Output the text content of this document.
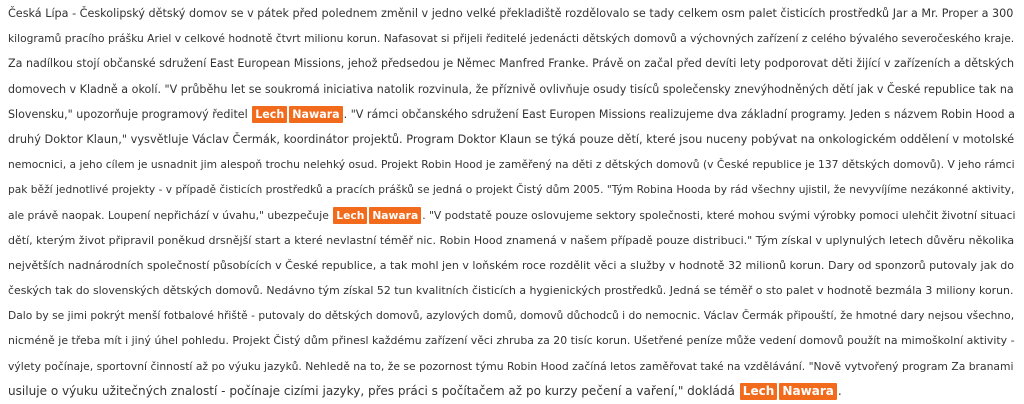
Česká Lípa - Českolipský dětský domov se v pátek před polednem změnil v jedno velké překladiště rozdělovalo se tady celkem osm palet čisticích prostředků Jar a Mr. Proper a 300
kilogramů pracího prášku Ariel v celkové hodnotě čtvrt milionu korun. Nafasovat si přijeli ředitelé jedenácti dětských domovů a výchovných zařízení z celého bývalého severočeského kraje.
Za nadílkou stojí občanské sdružení East European Missions, jehož předsedou je Němec Manfred Franke. Právě on začal před devíti lety podporovat děti žijící v zařízeních a dětských
domovech v Kladně a okolí. "V průběhu let se soukromá iniciativa natolik rozvinula, že příznivě ovlivňuje osudy tisíců společensky znevýhodněných dětí jak v České republice tak na
Slovensku," upozorňuje programový ředitel Lech Nawara . "V rámci občanského sdružení East Europen Missions realizujeme dva základní programy. Jeden s názvem Robin Hood a
druhý Doktor Klaun," vysvětluje Václav Čermák, koordinátor projektů. Program Doktor Klaun se týká pouze dětí, které jsou nuceny pobývat na onkologickém oddělení v motolské
nemocnici, a jeho cílem je usnadnit jim alespoň trochu nelehký osud. Projekt Robin Hood je zaměřený na děti z dětských domovů (v České republice je 137 dětských domovů). V jeho rámci
pak běží jednotlivé projekty - v případě čisticích prostředků a pracích prášků se jedná o projekt Čistý dům 2005. "Tým Robina Hooda by rád všechny ujistil, že nevyvíjíme nezákonné aktivity,
ale právě naopak. Loupení nepřichází v úvahu," ubezpečuje Lech Nawara . "V podstatě pouze oslovujeme sektory společnosti, které mohou svými výrobky pomoci ulehčit životní situaci
dětí, kterým život připravil poněkud drsnější start a které nevlastní téměř nic. Robin Hood znamená v našem případě pouze distribuci." Tým získal v uplynulých letech důvěru několika
největších nadnárodních společností působících v České republice, a tak mohl jen v loňském roce rozdělit věci a služby v hodnotě 32 milionů korun. Dary od sponzorů putovaly jak do
českých tak do slovenských dětských domovů. Nedávno tým získal 52 tun kvalitních čisticích a hygienických prostředků. Jedná se téměř o sto palet v hodnotě bezmála 3 miliony korun.
Dalo by se jimi pokrýt menší fotbalové hřiště - putovaly do dětských domovů, azylových domů, domovů důchodců i do nemocnic. Václav Čermák připouští, že hmotné dary nejsou všechno,
nicméně je třeba mít i jiný úhel pohledu. Projekt Čistý dům přinesl každému zařízení věci zhruba za 20 tisíc korun. Ušetřené peníze může vedení domovů použít na mimoškolní aktivity -
výlety počínaje, sportovní činností až po výuku jazyků. Nehledě na to, že se pozornost týmu Robin Hood začíná letos zaměřovat také na vzdělávání. "Nově vytvořený program Za branami
usiluje o výuku užitečných znalostí - počínaje cizími jazyky, přes práci s počítačem až po kurzy pečení a vaření," dokládá Lech Nawara .
